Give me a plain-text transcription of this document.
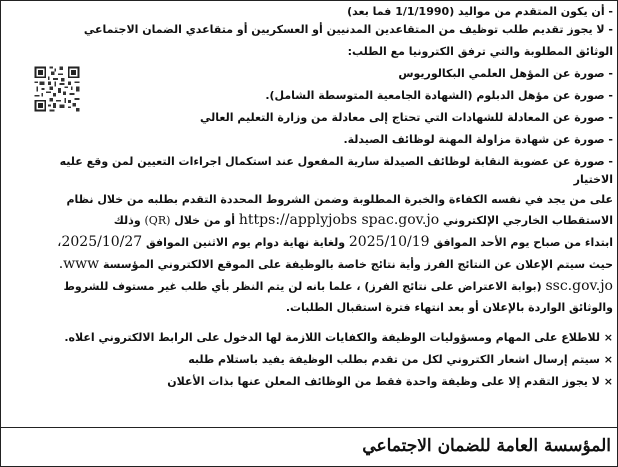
- أن يكون المتقدم من مواليد (1/1/1990 فما بعد)
- لا يجوز تقديم طلب توظيف من المتقاعدين المدنيين أو العسكريين أو متقاعدي الضمان الاجتماعي
الوثائق المطلوبة والتي ترفق الكترونيا مع الطلب:
- صورة عن المؤهل العلمي البكالوريوس
- صورة عن مؤهل الدبلوم (الشهادة الجامعية المتوسطة الشامل).
- صورة عن المعادلة للشهادات التي تحتاج إلى معادلة من وزارة التعليم العالي
- صورة عن شهادة مزاولة المهنة لوظائف الصيدلة.
- صورة عن عضوية النقابة لوظائف الصيدلة سارية المفعول عند استكمال اجراءات التعيين لمن وقع عليه
الاختيار
على من يجد في نفسه الكفاءة والخبرة المطلوبة وضمن الشروط المحددة التقدم بطلبه من خلال نظام
الاستقطاب الخارجي الإلكتروني https://applyjobs spac.gov.jo أو من خلال (QR) وذلك
ابتداء من صباح يوم الأحد الموافق 2025/10/19 ولغاية نهاية دوام يوم الاثنين الموافق 2025/10/27،
حيث سيتم الإعلان عن النتائج الفرز وأية نتائج خاصة بالوظيفة على الموقع الالكتروني المؤسسة www.
ssc.gov.jo (بوابة الاعتراض على نتائج الفرز) ، علما بانه لن يتم النظر بأي طلب غير مستوف للشروط
والوثائق الواردة بالإعلان أو بعد انتهاء فترة استقبال الطلبات.
× للاطلاع على المهام ومسؤوليات الوظيفة والكفايات اللازمة لها الدخول على الرابط الالكتروني اعلاه.
× سيتم إرسال اشعار الكتروني لكل من تقدم بطلب الوظيفة يفيد باستلام طلبه
× لا يجوز التقدم إلا على وظيفة واحدة فقط من الوظائف المعلن عنها بذات الأعلان
المؤسسة العامة للضمان الاجتماعي
